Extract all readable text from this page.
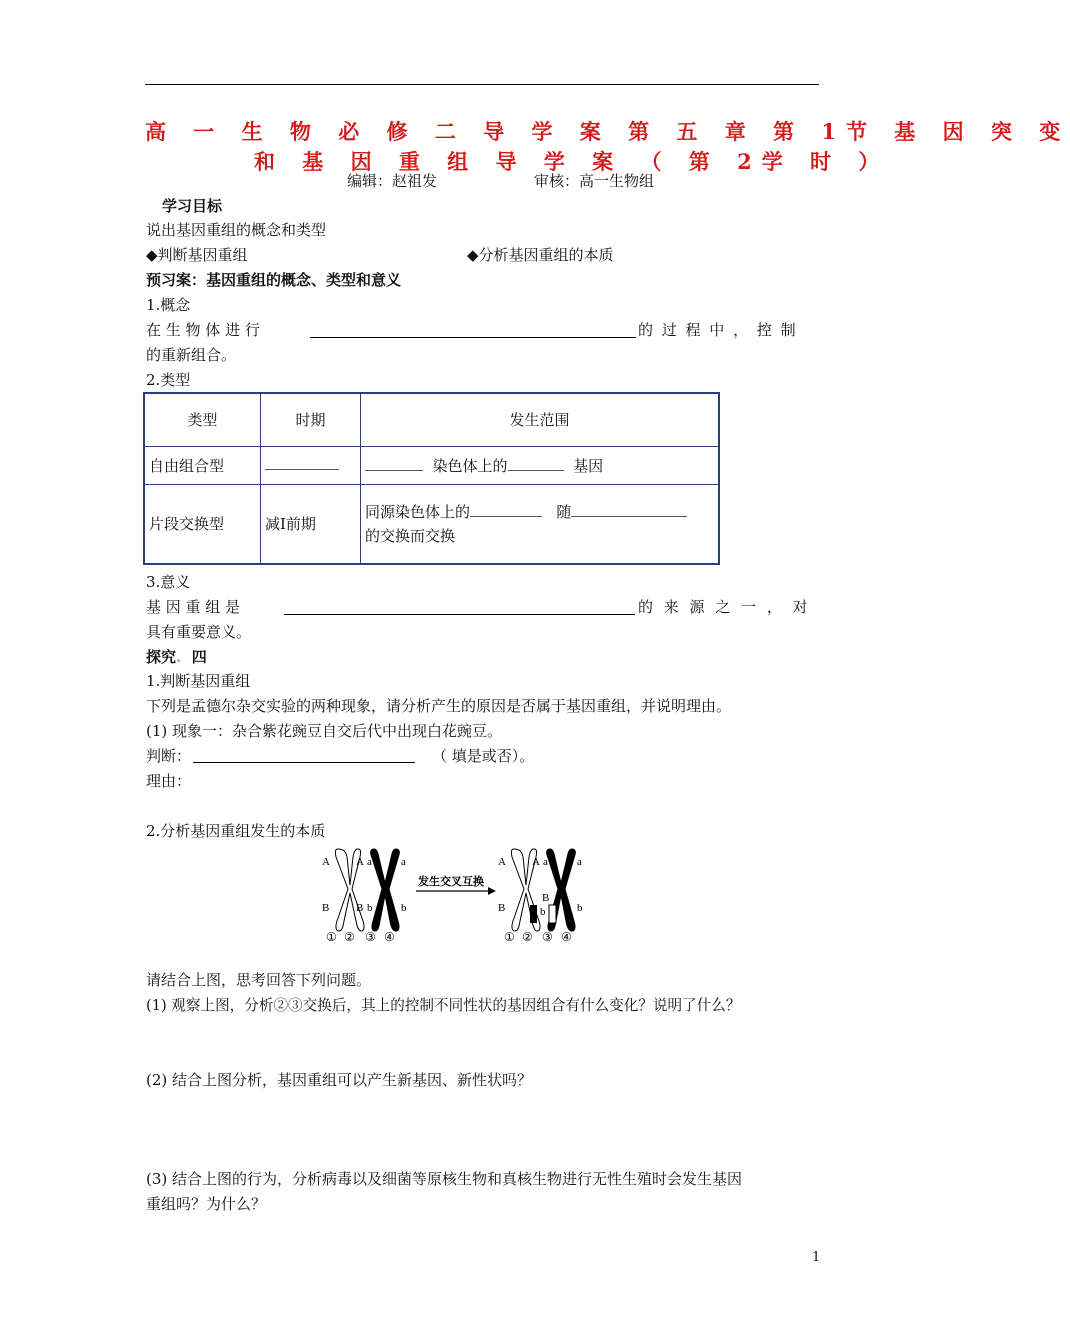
高 一 生 物 必 修 二 导 学 案 第 五 章 第 1节 基 因 突 变
和 基 因 重 组 导 学 案 （ 第 2学 时 ）
编辑：赵祖发	审核：高一生物组
学习目标
说出基因重组的概念和类型
◆判断基因重组	◆分析基因重组的本质
预习案：基因重组的概念、类型和意义
1.概念
在 生 物 体 进 行	的 过 程 中 ， 控 制
的重新组合。
2.类型
类型	时期	发生范围
自由组合型		染色体上的 基因
片段交换型	减Ⅰ前期	同源染色体上的 随
的交换而交换
3.意义
基 因 重 组 是	的 来 源 之 一 ， 对
具有重要意义。
探究. 四
1.判断基因重组
下列是孟德尔杂交实验的两种现象，请分析产生的原因是否属于基因重组，并说明理由。
(1) 现象一：杂合紫花豌豆自交后代中出现白花豌豆。
判断：	（ 填是或否）。
理由：
2.分析基因重组发生的本质
A A a	a
B B b	b
发生交叉互换
A A a	a
B	b
B
b
① ② ③ ④	① ② ③ ④
请结合上图，思考回答下列问题。
(1) 观察上图，分析②③交换后，其上的控制不同性状的基因组合有什么变化？说明了什么？
(2) 结合上图分析，基因重组可以产生新基因、新性状吗？
(3) 结合上图的行为，分析病毒以及细菌等原核生物和真核生物进行无性生殖时会发生基因
重组吗？为什么？
1
